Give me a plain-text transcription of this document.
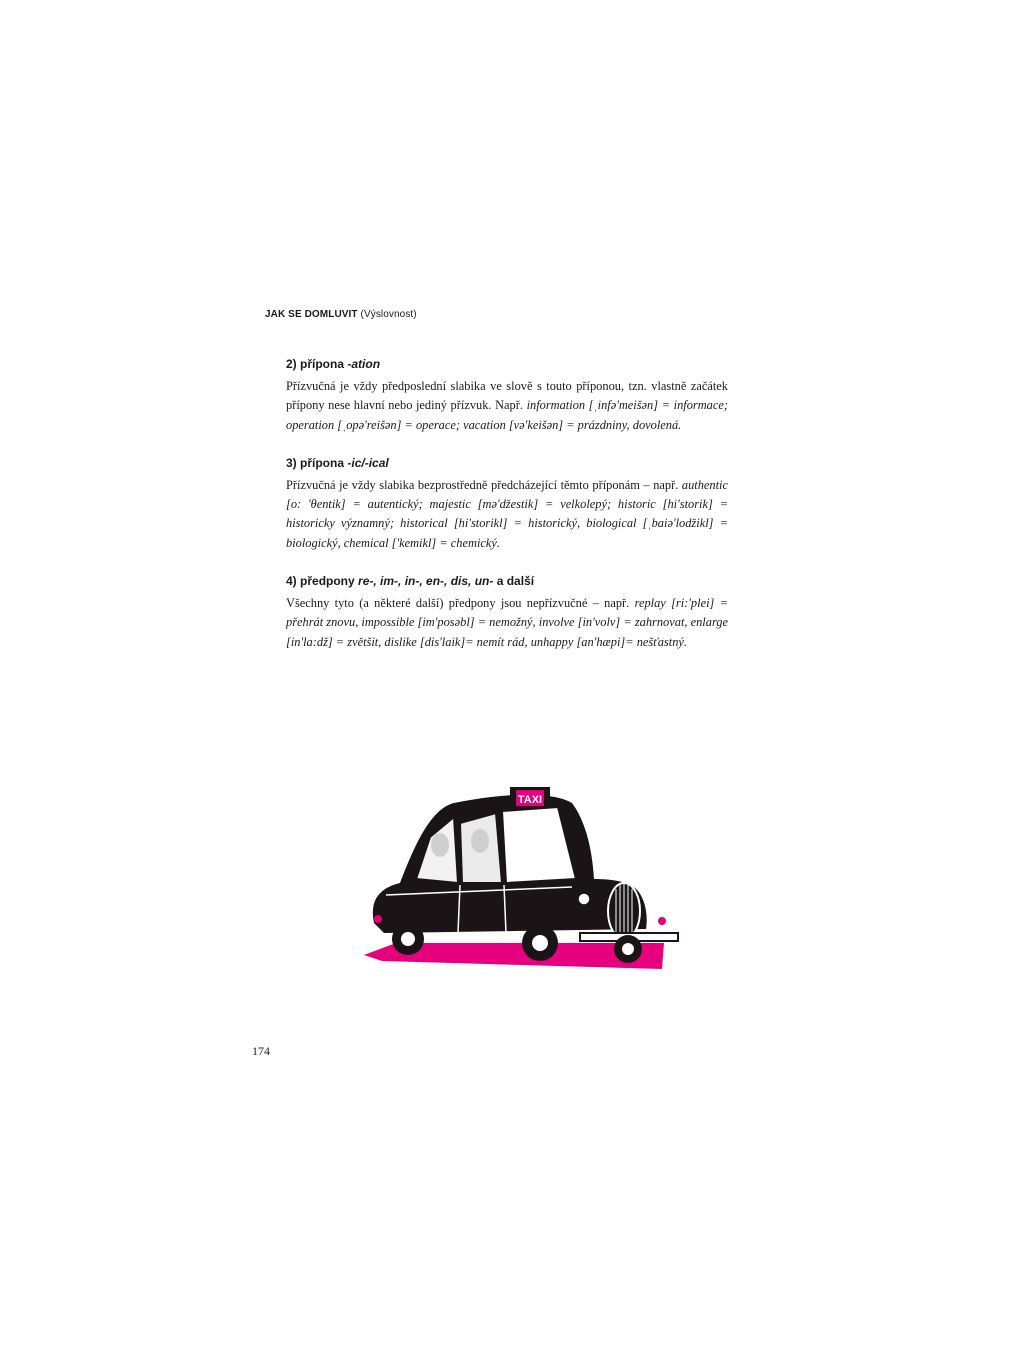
JAK SE DOMLUVIT (Výslovnost)
2) přípona -ation

Přízvučná je vždy předposlední slabika ve slově s touto příponou, tzn. vlastně začátek přípony nese hlavní nebo jediný přízvuk. Např. information [ˌinfə'meišən] = informace; operation [ˌopə'reišən] = operace; vacation [və'keišən] = prázdniny, dovolená.

3) přípona -ic/-ical

Přízvučná je vždy slabika bezprostředně předcházející těmto příponám – např. authentic [o: 'θentik] = autentický; majestic [mə'džestik] = velkolepý; historic [hi'storik] = historicky významný; historical [hi'storikl] = historický, biological [ˌbaiə'lodžikl] = biologický, chemical ['kemikl] = chemický.

4) předpony re-, im-, in-, en-, dis, un- a další

Všechny tyto (a některé další) předpony jsou nepřízvučné – např. replay [ri:'plei] = přehrát znovu, impossible [im'posəbl] = nemožný, involve [in'volv] = zahrnovat, enlarge [in'la:dž] = zvětšit, dislike [dis'laik]= nemít rád, unhappy [an'hæpi]= nešťastný.

TAXI
174
